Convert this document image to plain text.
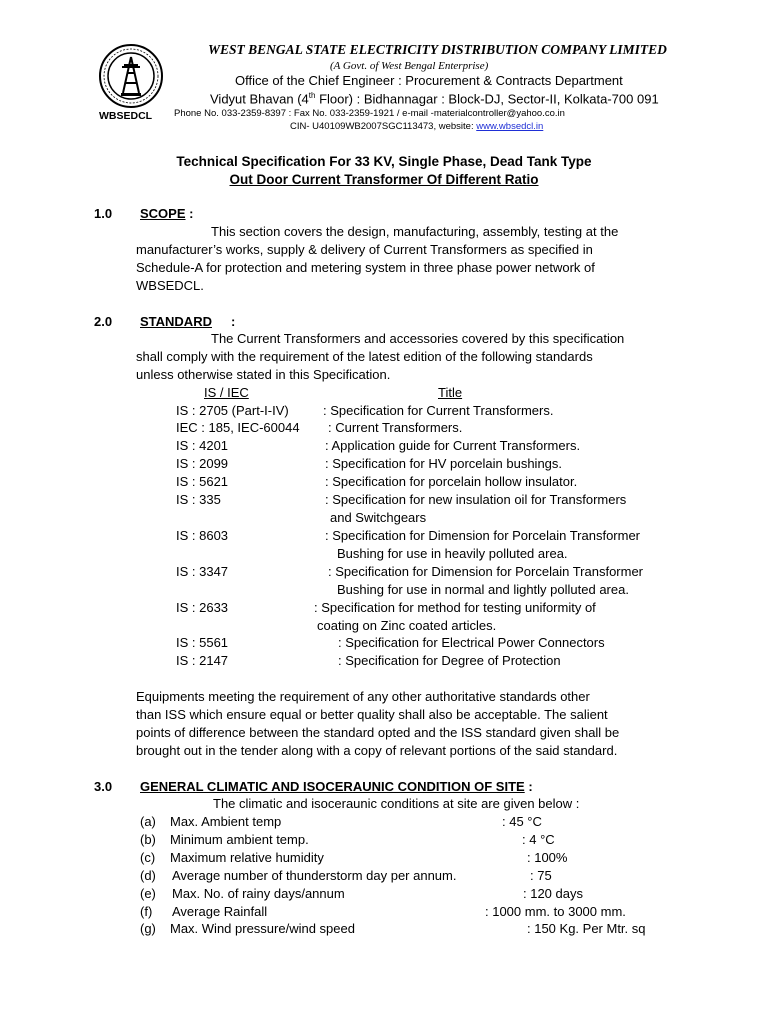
WBSEDCL
WEST BENGAL STATE ELECTRICITY DISTRIBUTION COMPANY LIMITED
(A Govt. of West Bengal Enterprise)
Office of the Chief Engineer : Procurement & Contracts Department
Vidyut Bhavan (4th Floor) : Bidhannagar : Block-DJ, Sector-II, Kolkata-700 091
Phone No. 033-2359-8397 : Fax No. 033-2359-1921 / e-mail -materialcontroller@yahoo.co.in
CIN- U40109WB2007SGC113473, website: www.wbsedcl.in
Technical Specification For 33 KV, Single Phase, Dead Tank Type
Out Door Current Transformer Of Different Ratio
1.0 SCOPE :
This section covers the design, manufacturing, assembly, testing at the
manufacturer’s works, supply & delivery of Current Transformers as specified in
Schedule-A for protection and metering system in three phase power network of
WBSEDCL.
2.0 STANDARD :
The Current Transformers and accessories covered by this specification
shall comply with the requirement of the latest edition of the following standards
unless otherwise stated in this Specification.
IS / IEC	Title
IS : 2705 (Part-I-IV)	: Specification for Current Transformers.
IEC : 185, IEC-60044 : Current Transformers.
IS : 4201	: Application guide for Current Transformers.
IS : 2099	: Specification for HV porcelain bushings.
IS : 5621	: Specification for porcelain hollow insulator.
IS : 335	: Specification for new insulation oil for Transformers
and Switchgears
IS : 8603	: Specification for Dimension for Porcelain Transformer
Bushing for use in heavily polluted area.
IS : 3347	: Specification for Dimension for Porcelain Transformer
Bushing for use in normal and lightly polluted area.
IS : 2633	: Specification for method for testing uniformity of
coating on Zinc coated articles.
IS : 5561	: Specification for Electrical Power Connectors
IS : 2147	: Specification for Degree of Protection
Equipments meeting the requirement of any other authoritative standards other
than ISS which ensure equal or better quality shall also be acceptable. The salient
points of difference between the standard opted and the ISS standard given shall be
brought out in the tender along with a copy of relevant portions of the said standard.
3.0 GENERAL CLIMATIC AND ISOCERAUNIC CONDITION OF SITE :
The climatic and isoceraunic conditions at site are given below :
(a) Max. Ambient temp	: 45 °C
(b) Minimum ambient temp.	: 4 °C
(c) Maximum relative humidity	: 100%
(d) Average number of thunderstorm day per annum.	: 75
(e) Max. No. of rainy days/annum	: 120 days
(f) Average Rainfall	: 1000 mm. to 3000 mm.
(g) Max. Wind pressure/wind speed	: 150 Kg. Per Mtr. sq
